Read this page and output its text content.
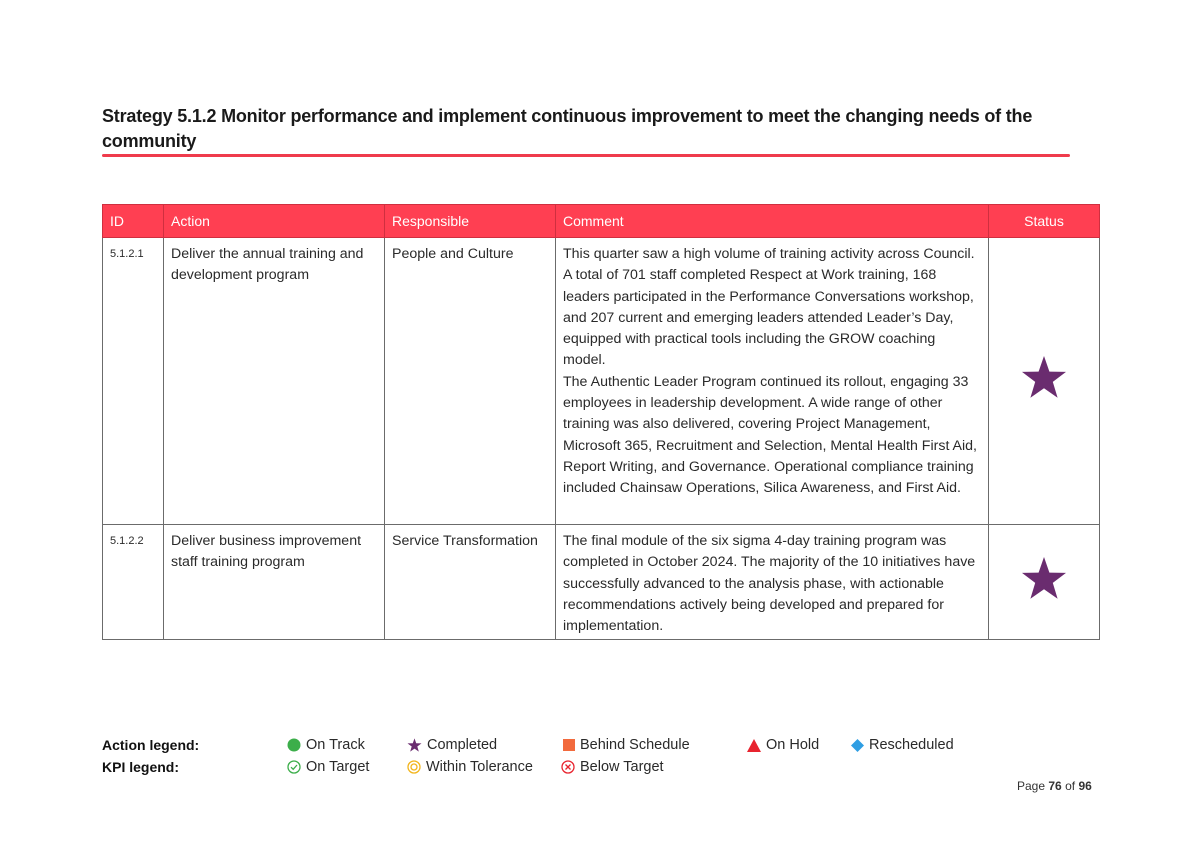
Strategy 5.1.2 Monitor performance and implement continuous improvement to meet the changing needs of the community
ID	Action	Responsible	Comment	Status
5.1.2.1	Deliver the annual training and development program	People and Culture	This quarter saw a high volume of training activity across Council. A total of 701 staff completed Respect at Work training, 168 leaders participated in the Performance Conversations workshop, and 207 current and emerging leaders attended Leader’s Day, equipped with practical tools including the GROW coaching model.
The Authentic Leader Program continued its rollout, engaging 33 employees in leadership development. A wide range of other training was also delivered, covering Project Management, Microsoft 365, Recruitment and Selection, Mental Health First Aid, Report Writing, and Governance. Operational compliance training included Chainsaw Operations, Silica Awareness, and First Aid.

5.1.2.2	Deliver business improvement staff training program	Service Transformation	The final module of the six sigma 4-day training program was completed in October 2024. The majority of the 10 initiatives have successfully advanced to the analysis phase, with actionable recommendations actively being developed and prepared for implementation.

Action legend:	On Track	Completed	Behind Schedule	On Hold	Rescheduled
KPI legend:	On Target	Within Tolerance	Below Target
Page 76 of 96
